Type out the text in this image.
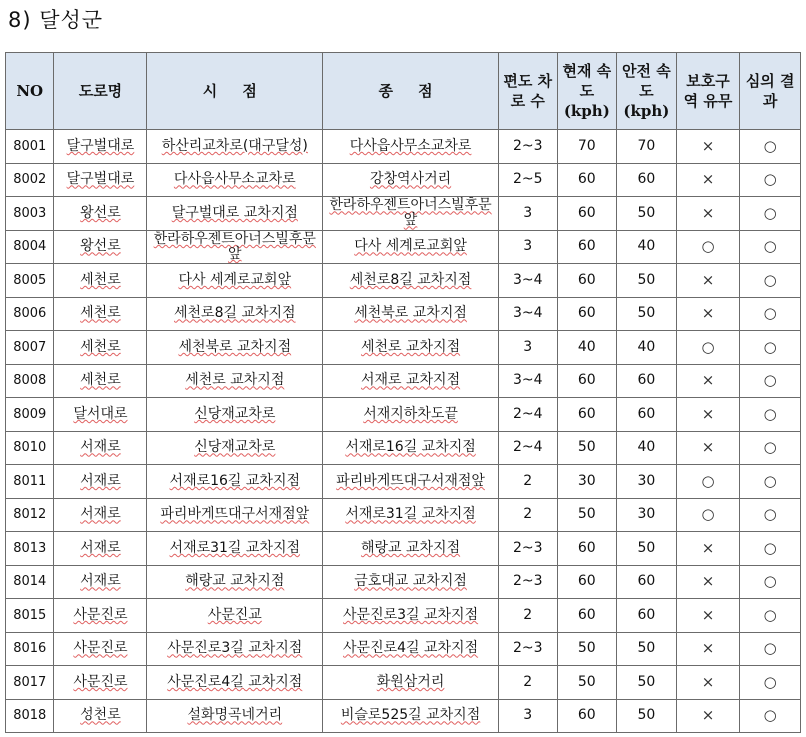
8) 달성군
NO	도로명	시 점	종 점	편도 차로 수	현재 속도 (kph)	안전 속도 (kph)	보호구 역 유무	심의 결과
8001	달구벌대로	하산리교차로(대구달성)	다사읍사무소교차로	2~3	70	70	×	○
8002	달구벌대로	다사읍사무소교차로	강창역사거리	2~5	60	60	×	○
8003	왕선로	달구벌대로 교차지점	한라하우젠트아너스빌후문앞	3	60	50	×	○
8004	왕선로	한라하우젠트아너스빌후문앞	다사 세계로교회앞	3	60	40	○	○
8005	세천로	다사 세계로교회앞	세천로8길 교차지점	3~4	60	50	×	○
8006	세천로	세천로8길 교차지점	세천북로 교차지점	3~4	60	50	×	○
8007	세천로	세천북로 교차지점	세천로 교차지점	3	40	40	○	○
8008	세천로	세천로 교차지점	서재로 교차지점	3~4	60	60	×	○
8009	달서대로	신당재교차로	서재지하차도끝	2~4	60	60	×	○
8010	서재로	신당재교차로	서재로16길 교차지점	2~4	50	40	×	○
8011	서재로	서재로16길 교차지점	파리바게뜨대구서재점앞	2	30	30	○	○
8012	서재로	파리바게뜨대구서재점앞	서재로31길 교차지점	2	50	30	○	○
8013	서재로	서재로31길 교차지점	해랑교 교차지점	2~3	60	50	×	○
8014	서재로	해랑교 교차지점	금호대교 교차지점	2~3	60	60	×	○
8015	사문진로	사문진교	사문진로3길 교차지점	2	60	60	×	○
8016	사문진로	사문진로3길 교차지점	사문진로4길 교차지점	2~3	50	50	×	○
8017	사문진로	사문진로4길 교차지점	화원삼거리	2	50	50	×	○
8018	성천로	설화명곡네거리	비슬로525길 교차지점	3	60	50	×	○
